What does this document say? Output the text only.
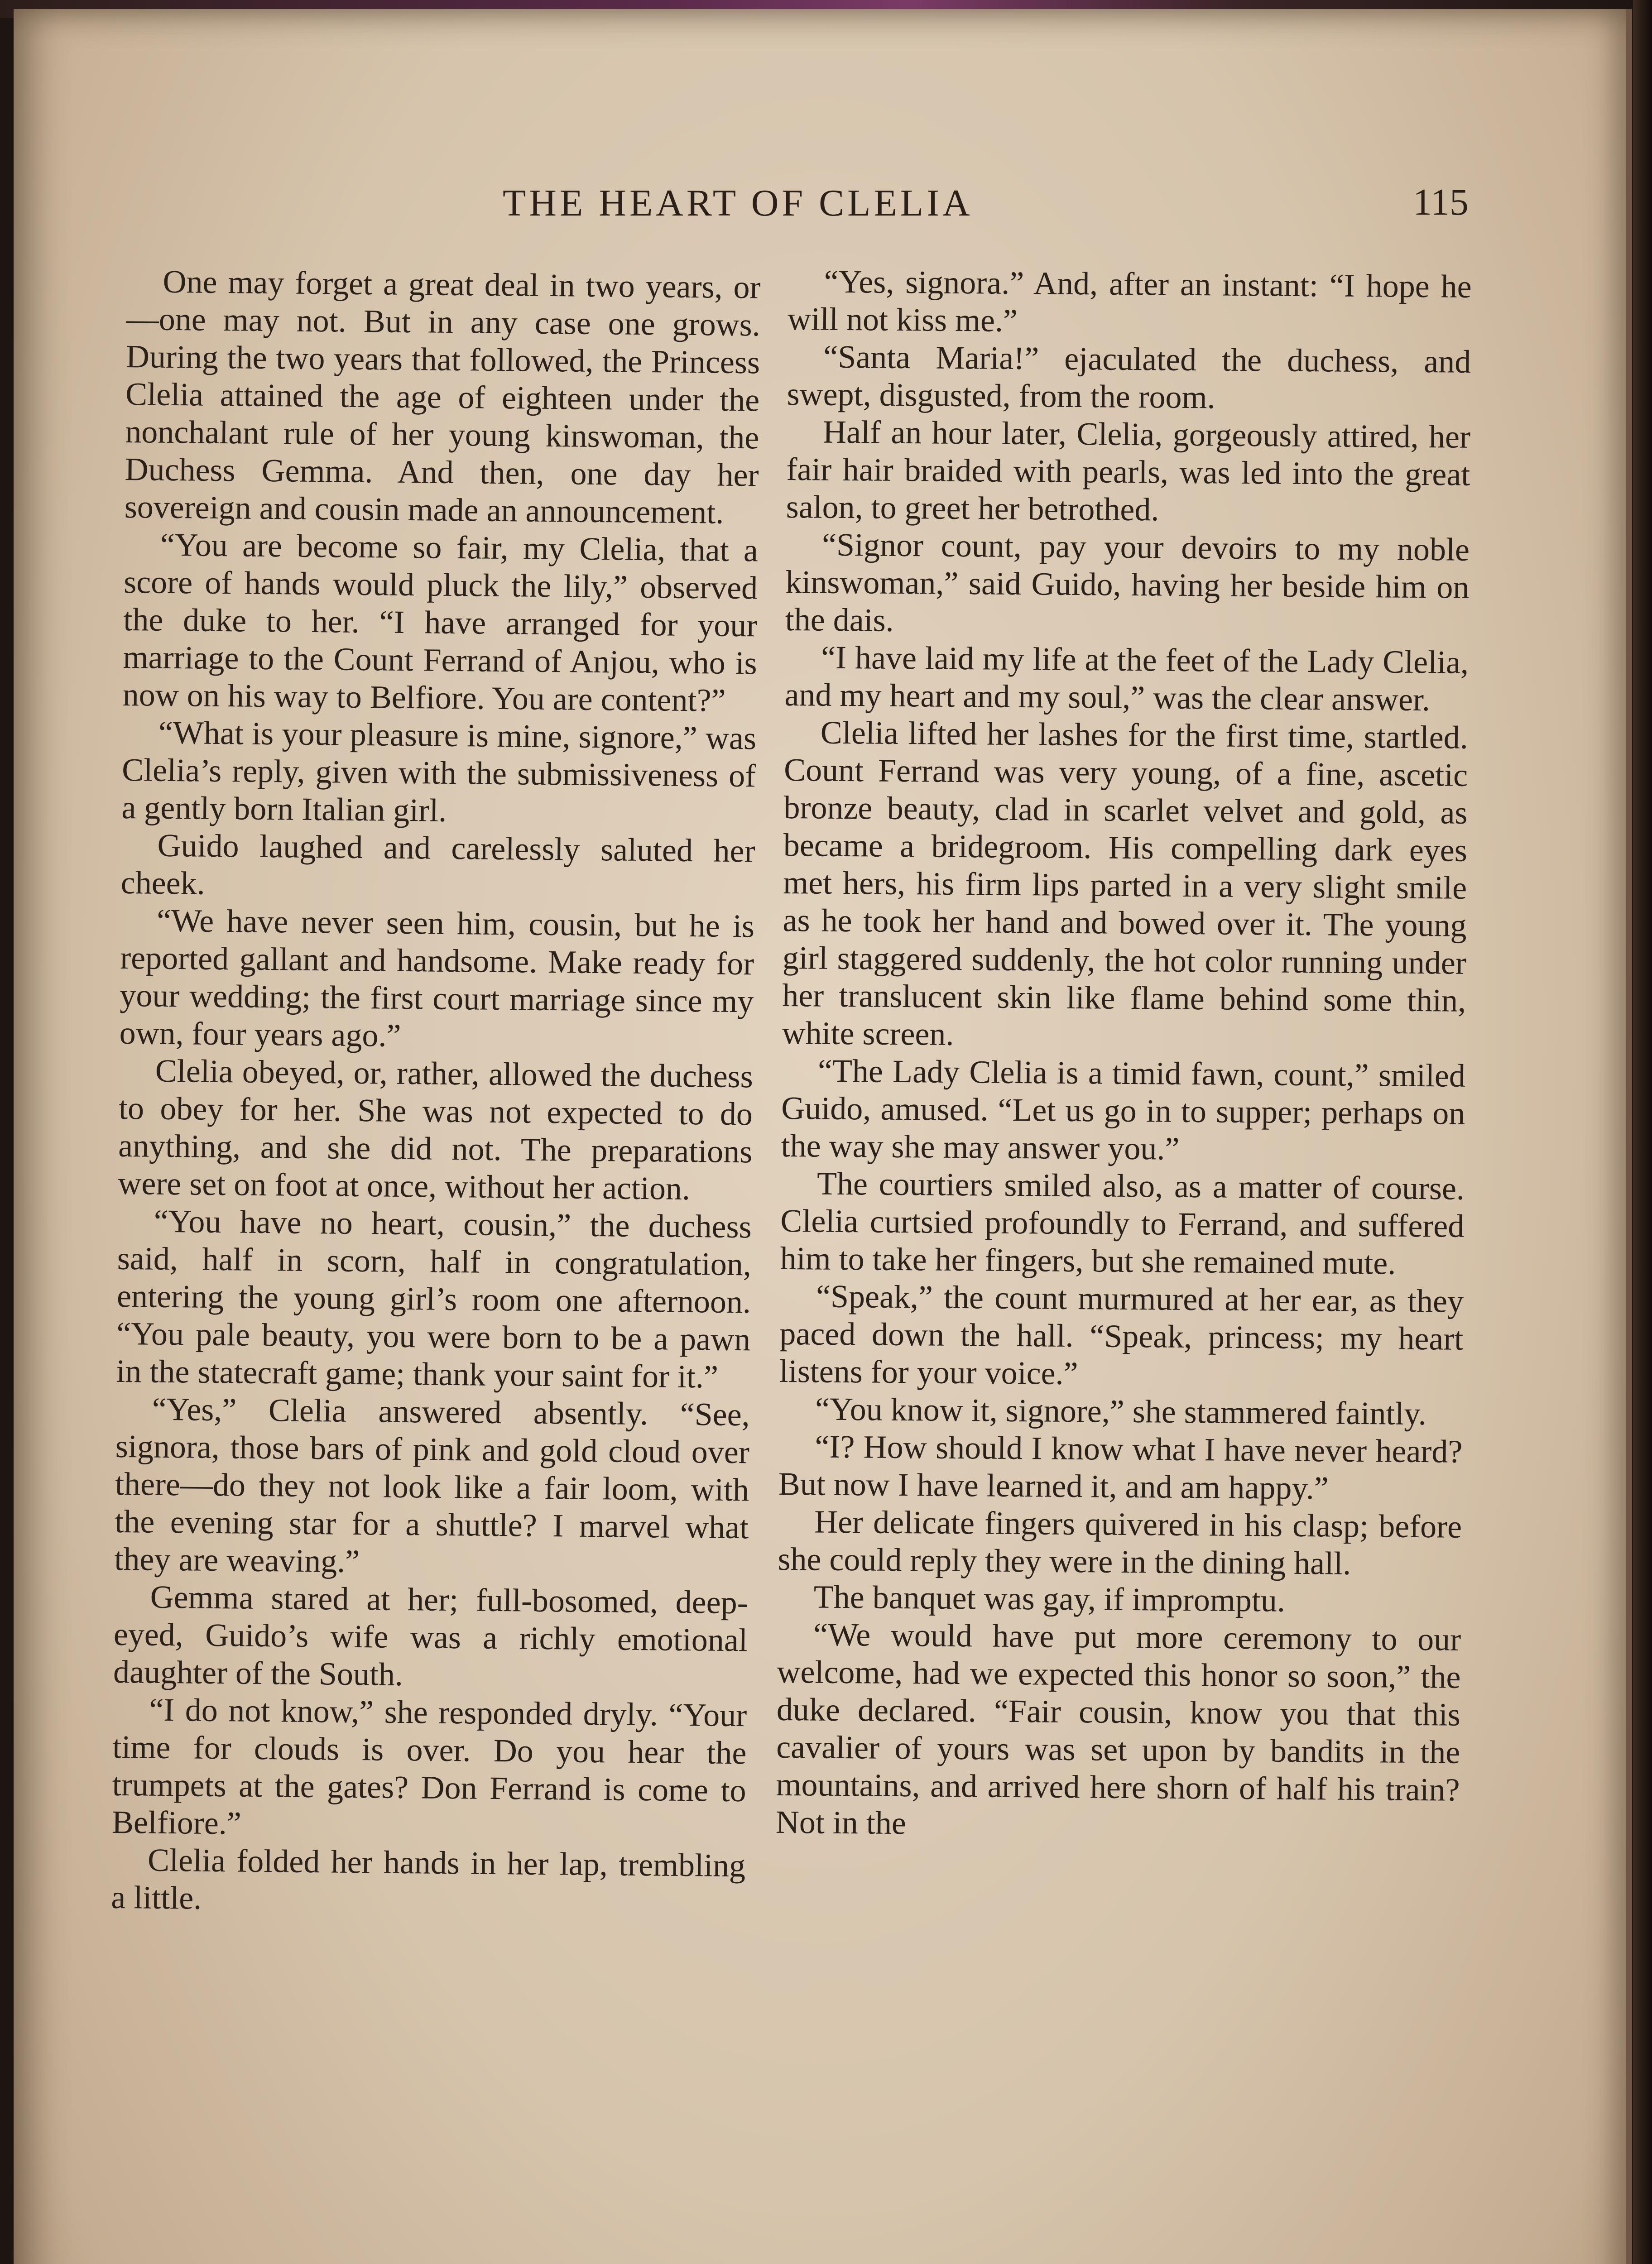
THE HEART OF CLELIA	115

One may forget a great deal in two years, or—one may not. But in any case one grows. During the two years that followed, the Princess Clelia attained the age of eighteen under the nonchalant rule of her young kinswoman, the Duchess Gemma. And then, one day her sovereign and cousin made an announcement.

“You are become so fair, my Clelia, that a score of hands would pluck the lily,” observed the duke to her. “I have arranged for your marriage to the Count Ferrand of Anjou, who is now on his way to Belfiore. You are content?”

“What is your pleasure is mine, signore,” was Clelia’s reply, given with the submissiveness of a gently born Italian girl.

Guido laughed and carelessly saluted her cheek.

“We have never seen him, cousin, but he is reported gallant and handsome. Make ready for your wedding; the first court marriage since my own, four years ago.”

Clelia obeyed, or, rather, allowed the duchess to obey for her. She was not expected to do anything, and she did not. The preparations were set on foot at once, without her action.

“You have no heart, cousin,” the duchess said, half in scorn, half in congratulation, entering the young girl’s room one afternoon. “You pale beauty, you were born to be a pawn in the statecraft game; thank your saint for it.”

“Yes,” Clelia answered absently. “See, signora, those bars of pink and gold cloud over there—do they not look like a fair loom, with the evening star for a shuttle? I marvel what they are weaving.”

Gemma stared at her; full-bosomed, deep-eyed, Guido’s wife was a richly emotional daughter of the South.

“I do not know,” she responded dryly. “Your time for clouds is over. Do you hear the trumpets at the gates? Don Ferrand is come to Belfiore.”

Clelia folded her hands in her lap, trembling a little.

“Yes, signora.” And, after an instant: “I hope he will not kiss me.”

“Santa Maria!” ejaculated the duchess, and swept, disgusted, from the room.

Half an hour later, Clelia, gorgeously attired, her fair hair braided with pearls, was led into the great salon, to greet her betrothed.

“Signor count, pay your devoirs to my noble kinswoman,” said Guido, having her beside him on the dais.

“I have laid my life at the feet of the Lady Clelia, and my heart and my soul,” was the clear answer.

Clelia lifted her lashes for the first time, startled. Count Ferrand was very young, of a fine, ascetic bronze beauty, clad in scarlet velvet and gold, as became a bridegroom. His compelling dark eyes met hers, his firm lips parted in a very slight smile as he took her hand and bowed over it. The young girl staggered suddenly, the hot color running under her translucent skin like flame behind some thin, white screen.

“The Lady Clelia is a timid fawn, count,” smiled Guido, amused. “Let us go in to supper; perhaps on the way she may answer you.”

The courtiers smiled also, as a matter of course. Clelia curtsied profoundly to Ferrand, and suffered him to take her fingers, but she remained mute.

“Speak,” the count murmured at her ear, as they paced down the hall. “Speak, princess; my heart listens for your voice.”

“You know it, signore,” she stammered faintly.

“I? How should I know what I have never heard? But now I have learned it, and am happy.”

Her delicate fingers quivered in his clasp; before she could reply they were in the dining hall.

The banquet was gay, if impromptu.

“We would have put more ceremony to our welcome, had we expected this honor so soon,” the duke declared. “Fair cousin, know you that this cavalier of yours was set upon by bandits in the mountains, and arrived here shorn of half his train? Not in the
